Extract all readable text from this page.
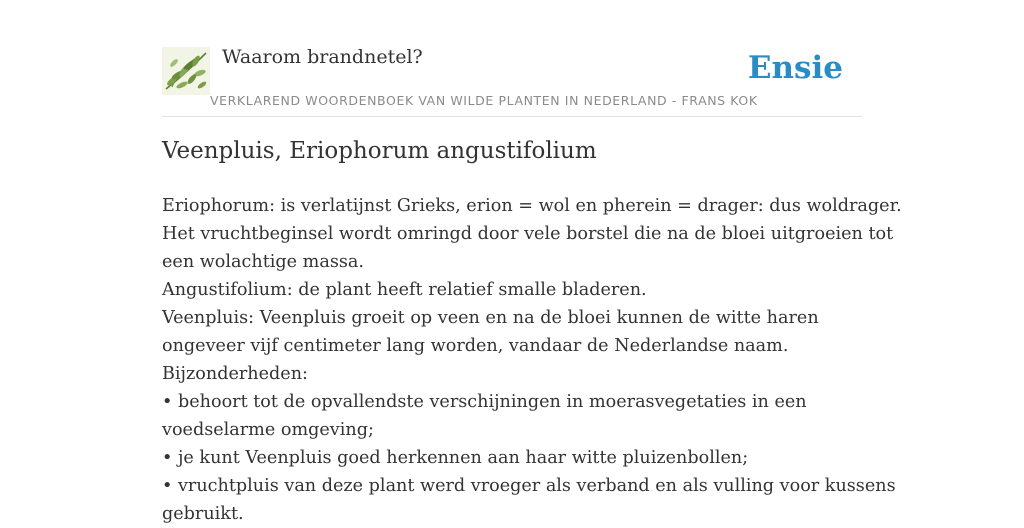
Waarom brandnetel?	Ensie
VERKLAREND WOORDENBOEK VAN WILDE PLANTEN IN NEDERLAND - FRANS KOK
Veenpluis, Eriophorum angustifolium
Eriophorum: is verlatijnst Grieks, erion = wol en pherein = drager: dus woldrager.
Het vruchtbeginsel wordt omringd door vele borstel die na de bloei uitgroeien tot
een wolachtige massa.
Angustifolium: de plant heeft relatief smalle bladeren.
Veenpluis: Veenpluis groeit op veen en na de bloei kunnen de witte haren
ongeveer vijf centimeter lang worden, vandaar de Nederlandse naam.
Bijzonderheden:
• behoort tot de opvallendste verschijningen in moerasvegetaties in een
voedselarme omgeving;
• je kunt Veenpluis goed herkennen aan haar witte pluizenbollen;
• vruchtpluis van deze plant werd vroeger als verband en als vulling voor kussens
gebruikt.
